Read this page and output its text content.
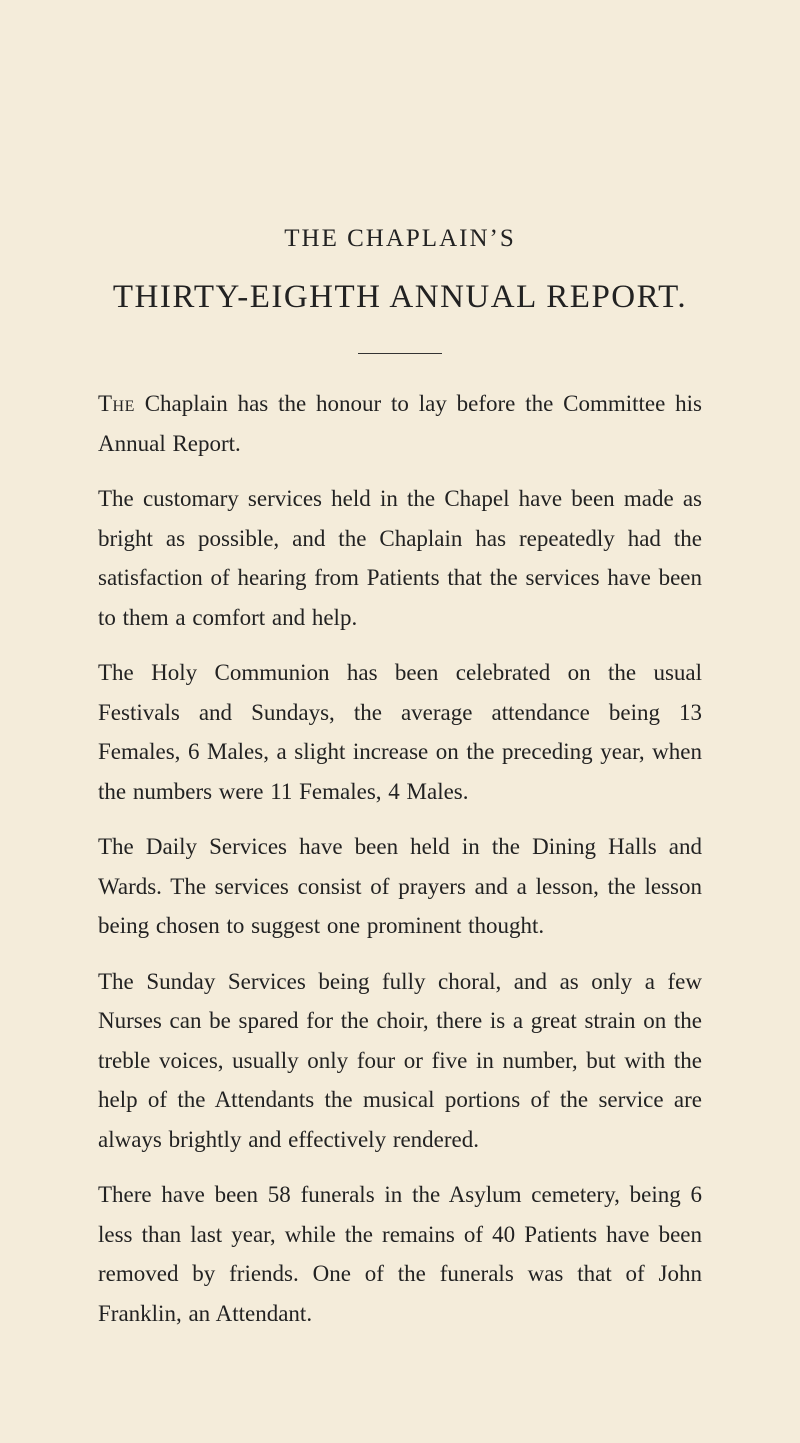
THE CHAPLAIN’S
THIRTY-EIGHTH ANNUAL REPORT.

The Chaplain has the honour to lay before the Committee his Annual Report.

The customary services held in the Chapel have been made as bright as possible, and the Chaplain has repeatedly had the satisfaction of hearing from Patients that the services have been to them a comfort and help.

The Holy Communion has been celebrated on the usual Festivals and Sundays, the average attendance being 13 Females, 6 Males, a slight increase on the preceding year, when the numbers were 11 Females, 4 Males.

The Daily Services have been held in the Dining Halls and Wards. The services consist of prayers and a lesson, the lesson being chosen to suggest one prominent thought.

The Sunday Services being fully choral, and as only a few Nurses can be spared for the choir, there is a great strain on the treble voices, usually only four or five in number, but with the help of the Attendants the musical portions of the service are always brightly and effectively rendered.

There have been 58 funerals in the Asylum cemetery, being 6 less than last year, while the remains of 40 Patients have been removed by friends. One of the funerals was that of John Franklin, an Attendant.
